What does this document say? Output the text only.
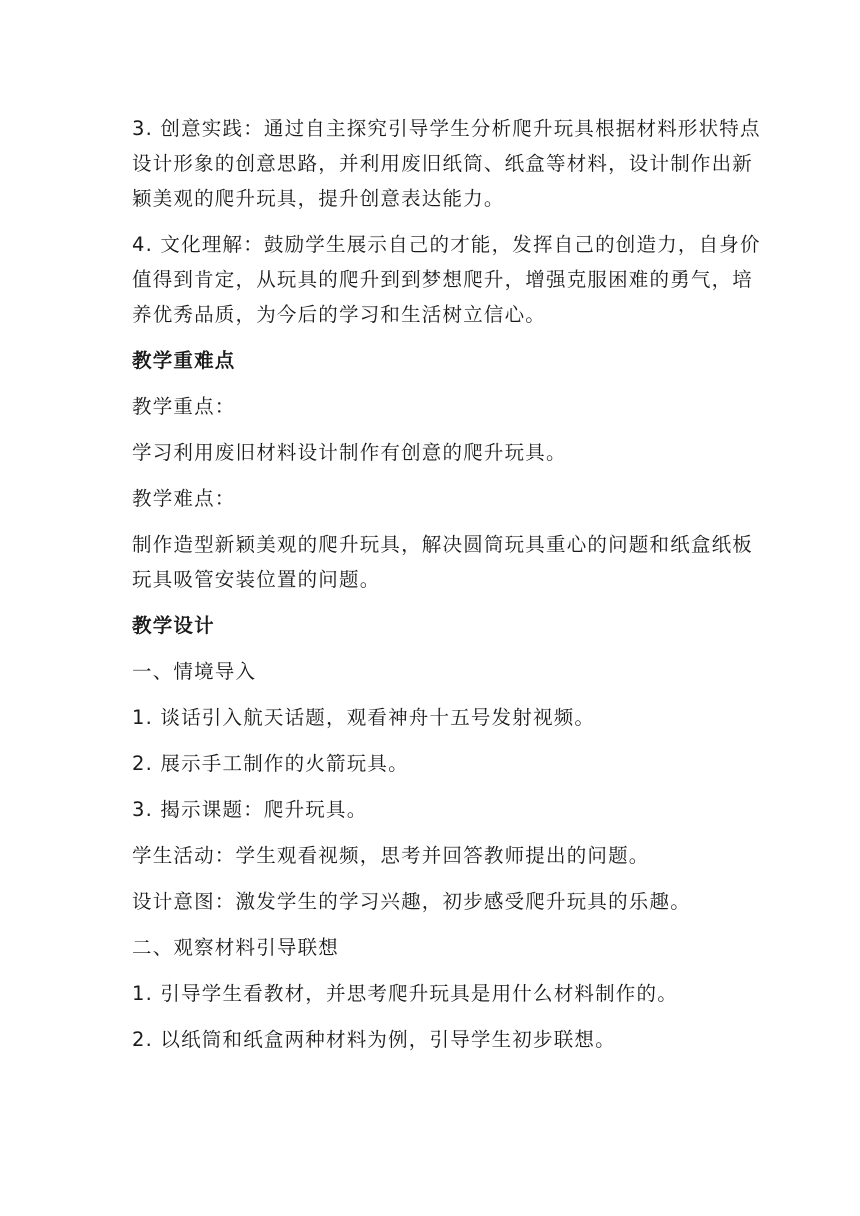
3. 创意实践：通过自主探究引导学生分析爬升玩具根据材料形状特点
设计形象的创意思路，并利用废旧纸筒、纸盒等材料，设计制作出新
颖美观的爬升玩具，提升创意表达能力。
4. 文化理解：鼓励学生展示自己的才能，发挥自己的创造力，自身价
值得到肯定，从玩具的爬升到到梦想爬升，增强克服困难的勇气，培
养优秀品质，为今后的学习和生活树立信心。
教学重难点
教学重点：
学习利用废旧材料设计制作有创意的爬升玩具。
教学难点：
制作造型新颖美观的爬升玩具，解决圆筒玩具重心的问题和纸盒纸板
玩具吸管安装位置的问题。
教学设计
一、情境导入
1. 谈话引入航天话题，观看神舟十五号发射视频。
2. 展示手工制作的火箭玩具。
3. 揭示课题：爬升玩具。
学生活动：学生观看视频，思考并回答教师提出的问题。
设计意图：激发学生的学习兴趣，初步感受爬升玩具的乐趣。
二、观察材料引导联想
1. 引导学生看教材，并思考爬升玩具是用什么材料制作的。
2. 以纸筒和纸盒两种材料为例，引导学生初步联想。
